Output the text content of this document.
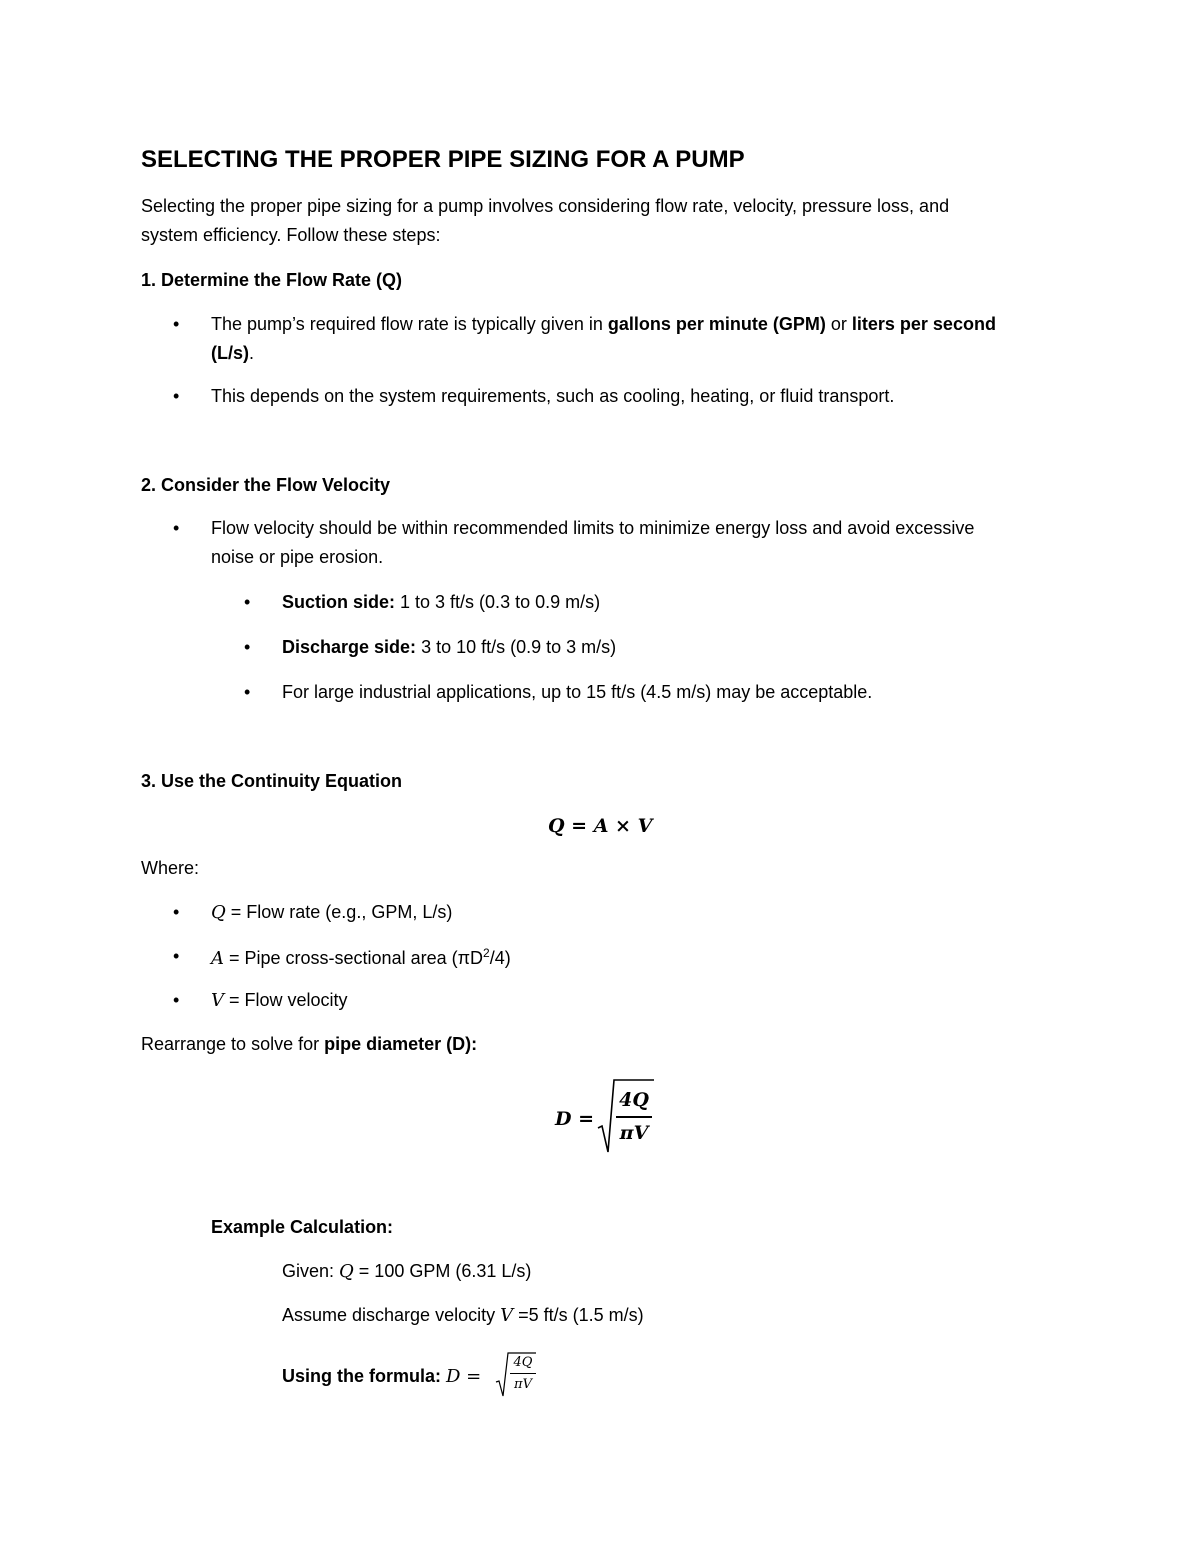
SELECTING THE PROPER PIPE SIZING FOR A PUMP
Selecting the proper pipe sizing for a pump involves considering flow rate, velocity, pressure loss, and
system efficiency. Follow these steps:
1. Determine the Flow Rate (Q)
• The pump’s required flow rate is typically given in gallons per minute (GPM) or liters per second
(L/s).
• This depends on the system requirements, such as cooling, heating, or fluid transport.
2. Consider the Flow Velocity
• Flow velocity should be within recommended limits to minimize energy loss and avoid excessive
noise or pipe erosion.
• Suction side: 1 to 3 ft/s (0.3 to 0.9 m/s)
• Discharge side: 3 to 10 ft/s (0.9 to 3 m/s)
• For large industrial applications, up to 15 ft/s (4.5 m/s) may be acceptable.
3. Use the Continuity Equation
Q = A × V
Where:
• Q = Flow rate (e.g., GPM, L/s)
• A = Pipe cross-sectional area $(\pi D^2/4)$
• V = Flow velocity
Rearrange to solve for pipe diameter (D):
D =
4Q
πV
Example Calculation:
Given: Q = 100 GPM (6.31 L/s)
Assume discharge velocity V =5 ft/s (1.5 m/s)
Using the formula: D =
4Q
πV
